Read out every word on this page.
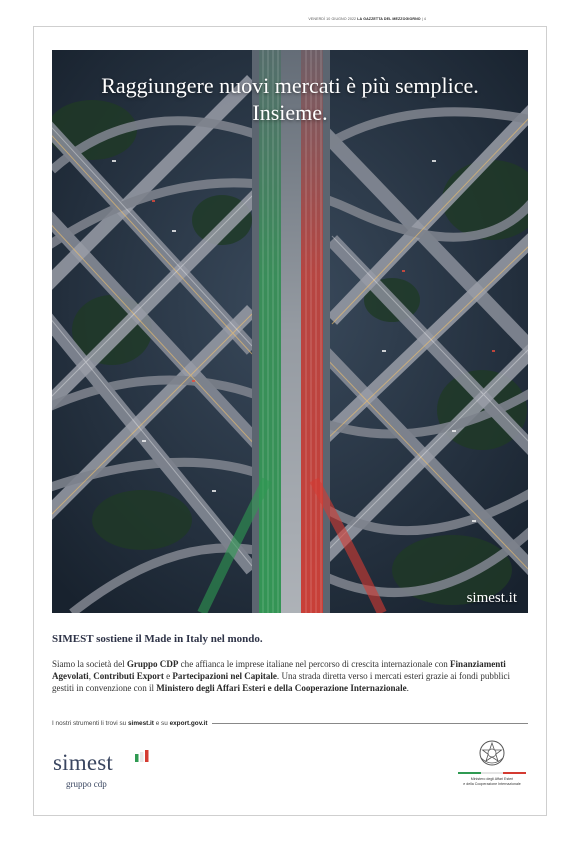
VENERDÌ 10 GIUGNO 2022 LA GAZZETTA DEL MEZZOGIORNO | 4
Raggiungere nuovi mercati è più semplice.
Insieme.
simest.it
SIMEST sostiene il Made in Italy nel mondo.
Siamo la società del Gruppo CDP che affianca le imprese italiane nel percorso di crescita internazionale con Finanziamenti Agevolati, Contributi Export e Partecipazioni nel Capitale. Una strada diretta verso i mercati esteri grazie ai fondi pubblici gestiti in convenzione con il Ministero degli Affari Esteri e della Cooperazione Internazionale.
I nostri strumenti li trovi su simest.it e su export.gov.it
simest
gruppo cdp	Ministero degli Affari Esteri
e della Cooperazione Internazionale
